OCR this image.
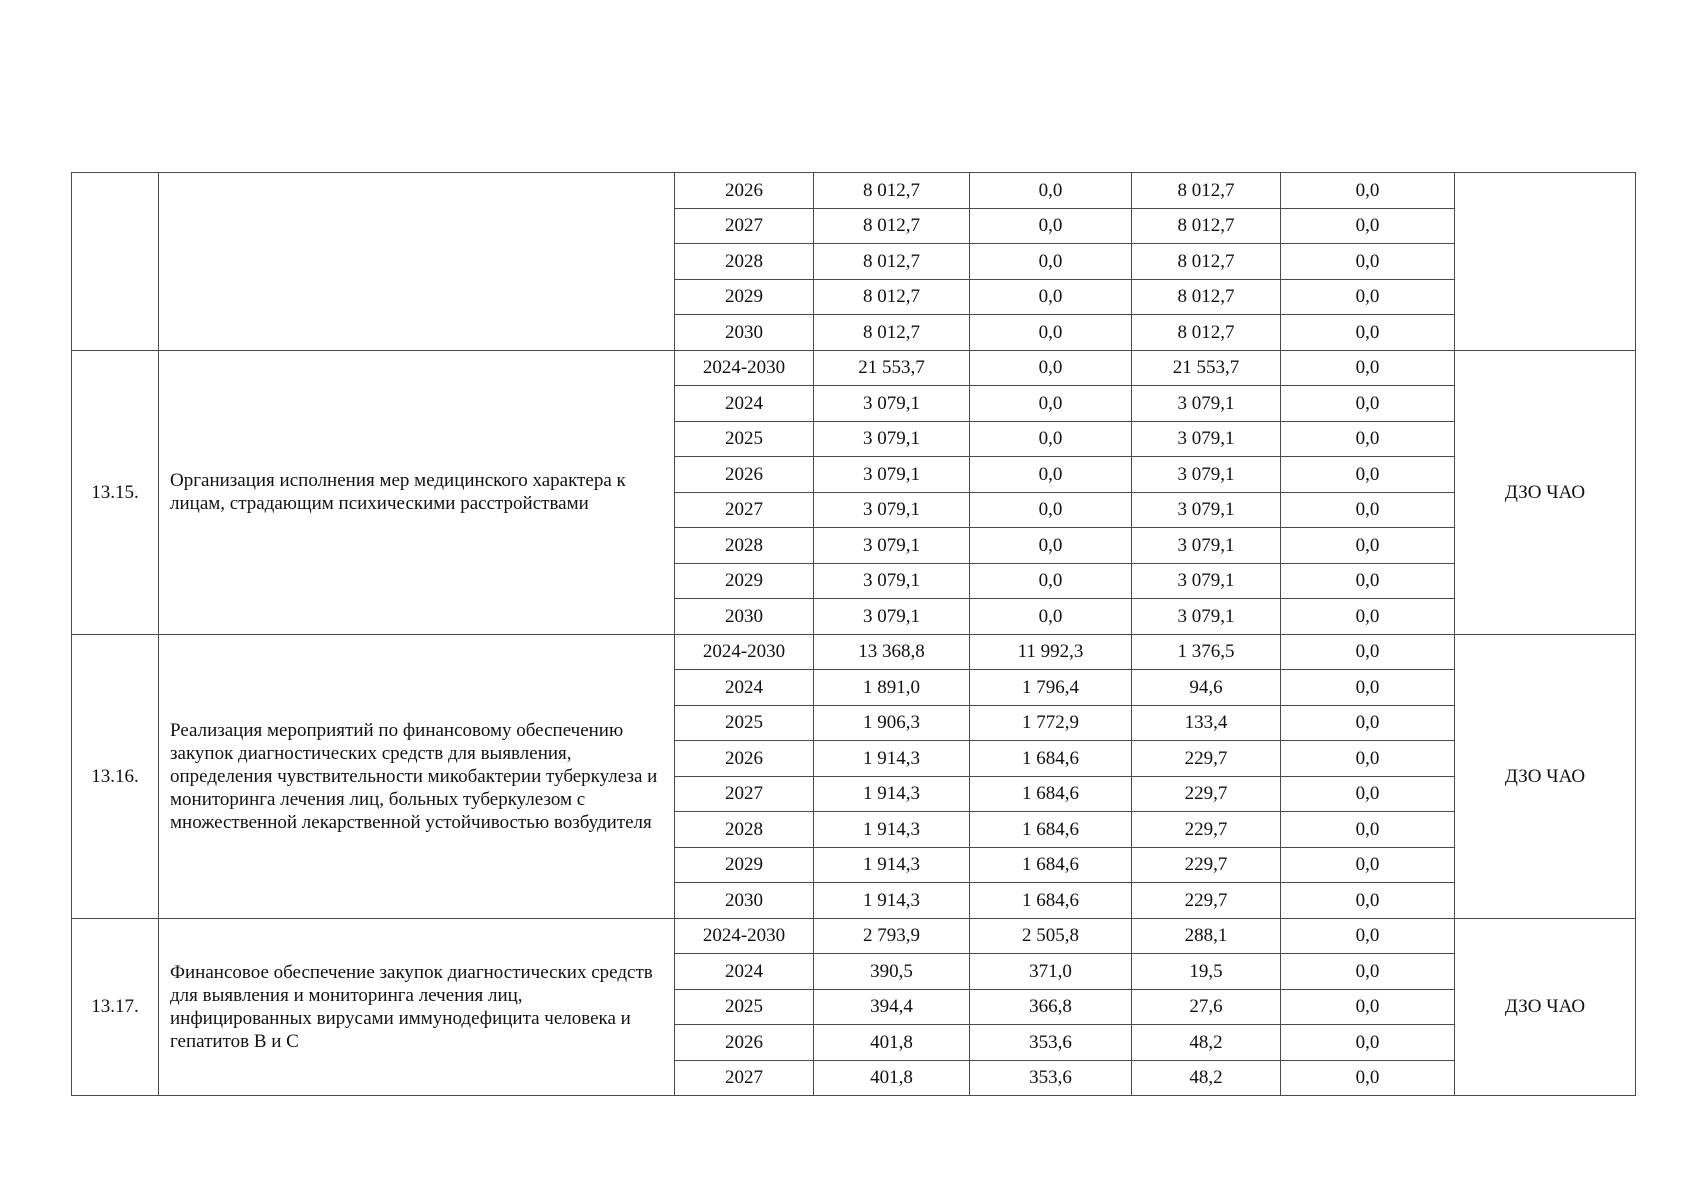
		2026	8 012,7	0,0	8 012,7	0,0	
		2027	8 012,7	0,0	8 012,7	0,0	
		2028	8 012,7	0,0	8 012,7	0,0	
		2029	8 012,7	0,0	8 012,7	0,0	
		2030	8 012,7	0,0	8 012,7	0,0	
13.15.	Организация исполнения мер медицинского характера к лицам, страдающим психическими расстройствами	2024-2030	21 553,7	0,0	21 553,7	0,0	ДЗО ЧАО
		2024	3 079,1	0,0	3 079,1	0,0	
		2025	3 079,1	0,0	3 079,1	0,0	
		2026	3 079,1	0,0	3 079,1	0,0	
		2027	3 079,1	0,0	3 079,1	0,0	
		2028	3 079,1	0,0	3 079,1	0,0	
		2029	3 079,1	0,0	3 079,1	0,0	
		2030	3 079,1	0,0	3 079,1	0,0	
13.16.	Реализация мероприятий по финансовому обеспечению закупок диагностических средств для выявления, определения чувствительности микобактерии туберкулеза и мониторинга лечения лиц, больных туберкулезом с множественной лекарственной устойчивостью возбудителя	2024-2030	13 368,8	11 992,3	1 376,5	0,0	ДЗО ЧАО
		2024	1 891,0	1 796,4	94,6	0,0	
		2025	1 906,3	1 772,9	133,4	0,0	
		2026	1 914,3	1 684,6	229,7	0,0	
		2027	1 914,3	1 684,6	229,7	0,0	
		2028	1 914,3	1 684,6	229,7	0,0	
		2029	1 914,3	1 684,6	229,7	0,0	
		2030	1 914,3	1 684,6	229,7	0,0	
13.17.	Финансовое обеспечение закупок диагностических средств для выявления и мониторинга лечения лиц, инфицированных вирусами иммунодефицита человека и гепатитов В и С	2024-2030	2 793,9	2 505,8	288,1	0,0	ДЗО ЧАО
		2024	390,5	371,0	19,5	0,0	
		2025	394,4	366,8	27,6	0,0	
		2026	401,8	353,6	48,2	0,0	
		2027	401,8	353,6	48,2	0,0	
